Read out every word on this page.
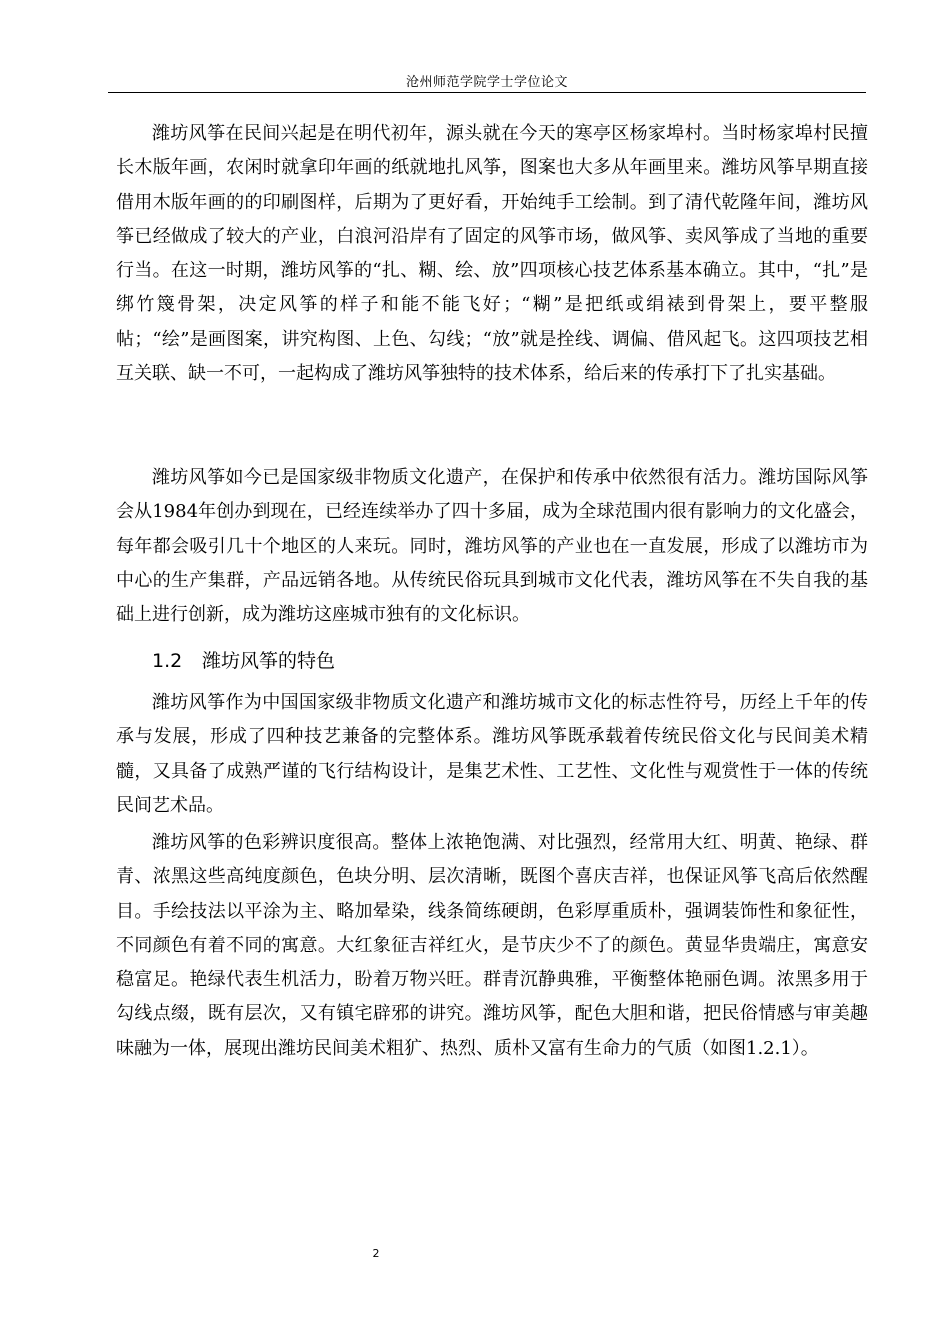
沧州师范学院学士学位论文

潍坊风筝在民间兴起是在明代初年，源头就在今天的寒亭区杨家埠村。当时杨家埠村民擅长木版年画，农闲时就拿印年画的纸就地扎风筝，图案也大多从年画里来。潍坊风筝早期直接借用木版年画的的印刷图样，后期为了更好看，开始纯手工绘制。到了清代乾隆年间，潍坊风筝已经做成了较大的产业，白浪河沿岸有了固定的风筝市场，做风筝、卖风筝成了当地的重要行当。在这一时期，潍坊风筝的“扎、糊、绘、放”四项核心技艺体系基本确立。其中，“扎”是绑竹篾骨架，决定风筝的样子和能不能飞好；“糊”是把纸或绢裱到骨架上，要平整服帖；“绘”是画图案，讲究构图、上色、勾线；“放”就是拴线、调偏、借风起飞。这四项技艺相互关联、缺一不可，一起构成了潍坊风筝独特的技术体系，给后来的传承打下了扎实基础。

潍坊风筝如今已是国家级非物质文化遗产，在保护和传承中依然很有活力。潍坊国际风筝会从1984年创办到现在，已经连续举办了四十多届，成为全球范围内很有影响力的文化盛会，每年都会吸引几十个地区的人来玩。同时，潍坊风筝的产业也在一直发展，形成了以潍坊市为中心的生产集群，产品远销各地。从传统民俗玩具到城市文化代表，潍坊风筝在不失自我的基础上进行创新，成为潍坊这座城市独有的文化标识。

1.2 潍坊风筝的特色

潍坊风筝作为中国国家级非物质文化遗产和潍坊城市文化的标志性符号，历经上千年的传承与发展，形成了四种技艺兼备的完整体系。潍坊风筝既承载着传统民俗文化与民间美术精髓，又具备了成熟严谨的飞行结构设计，是集艺术性、工艺性、文化性与观赏性于一体的传统民间艺术品。

潍坊风筝的色彩辨识度很高。整体上浓艳饱满、对比强烈，经常用大红、明黄、艳绿、群青、浓黑这些高纯度颜色，色块分明、层次清晰，既图个喜庆吉祥，也保证风筝飞高后依然醒目。手绘技法以平涂为主、略加晕染，线条简练硬朗，色彩厚重质朴，强调装饰性和象征性，不同颜色有着不同的寓意。大红象征吉祥红火，是节庆少不了的颜色。黄显华贵端庄，寓意安稳富足。艳绿代表生机活力，盼着万物兴旺。群青沉静典雅，平衡整体艳丽色调。浓黑多用于勾线点缀，既有层次，又有镇宅辟邪的讲究。潍坊风筝，配色大胆和谐，把民俗情感与审美趣味融为一体，展现出潍坊民间美术粗犷、热烈、质朴又富有生命力的气质（如图1.2.1）。

2
